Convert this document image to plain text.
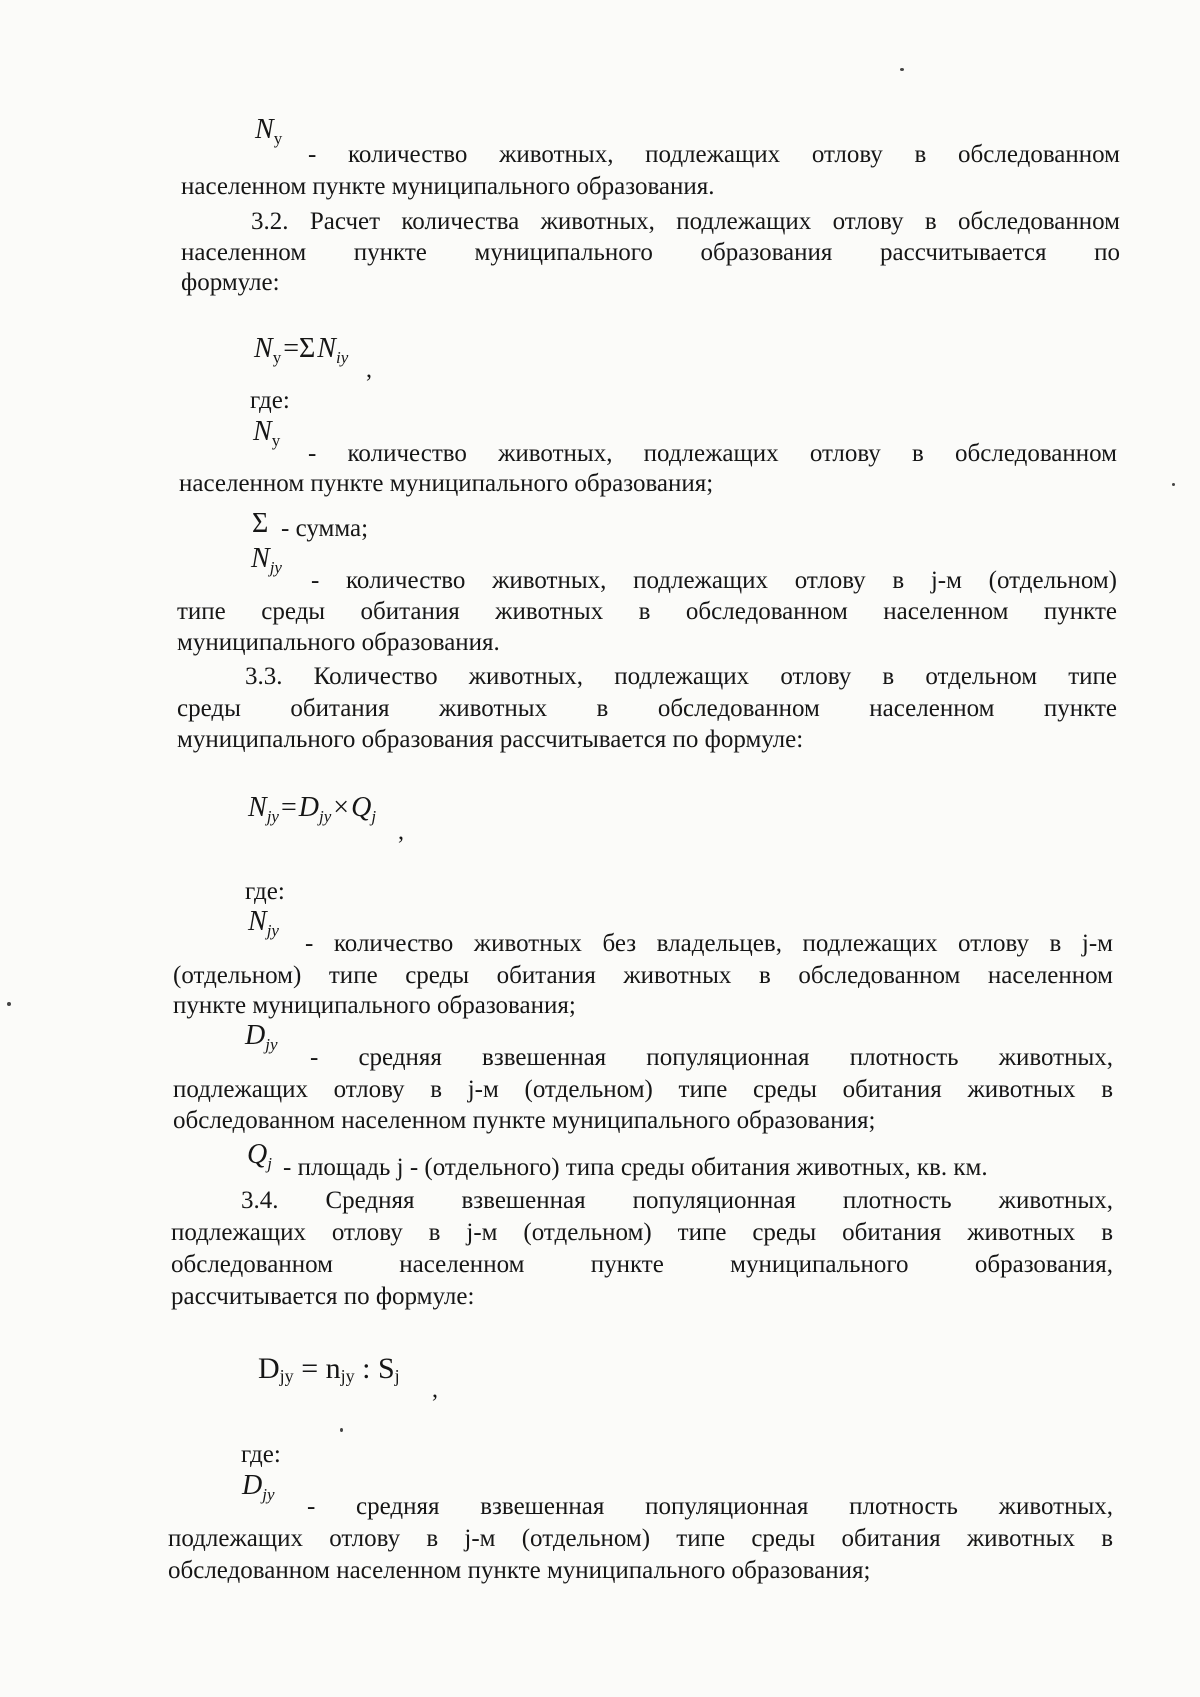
$N_у$
- количество животных, подлежащих отлову в обследованном
населенном пункте муниципального образования.
3.2. Расчет количества животных, подлежащих отлову в обследованном
населенном пункте муниципального образования рассчитывается по
формуле:
$N_у=\Sigma N_{iy}$ ,
где:
$N_у$ - количество животных, подлежащих отлову в обследованном
населенном пункте муниципального образования;
Σ - сумма;
$N_{jy}$ - количество животных, подлежащих отлову в j-м (отдельном)
типе среды обитания животных в обследованном населенном пункте
муниципального образования.
3.3. Количество животных, подлежащих отлову в отдельном типе
среды обитания животных в обследованном населенном пункте
муниципального образования рассчитывается по формуле:
$N_{jy}=D_{jy}\times Q_j$
,
где:
$N_{jy}$ - количество животных без владельцев, подлежащих отлову в j-м
(отдельном) типе среды обитания животных в обследованном населенном
пункте муниципального образования;
$D_{jy}$ - средняя взвешенная популяционная плотность животных,
подлежащих отлову в j-м (отдельном) типе среды обитания животных в
обследованном населенном пункте муниципального образования;
$Q_j$ - площадь j - (отдельного) типа среды обитания животных, кв. км.
3.4. Средняя взвешенная популяционная плотность животных,
подлежащих отлову в j-м (отдельном) типе среды обитания животных в
обследованном населенном пункте муниципального образования,
рассчитывается по формуле:
$D_{jy} = n_{jy}$ : $S_j$
,
где:
$D_{jy}$ - средняя взвешенная популяционная плотность животных,
подлежащих отлову в j-м (отдельном) типе среды обитания животных в
обследованном населенном пункте муниципального образования;
